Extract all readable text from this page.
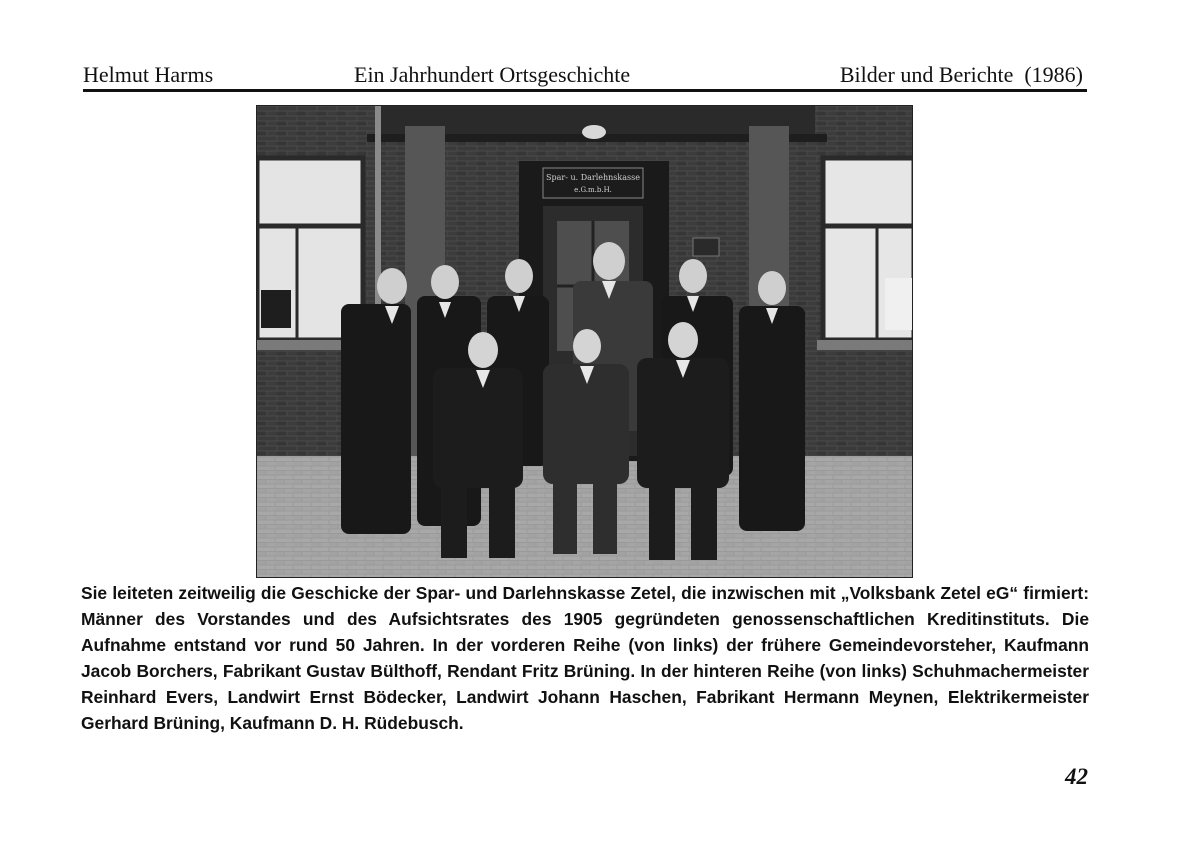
Helmut Harms	Ein Jahrhundert Ortsgeschichte	Bilder und Berichte (1986)
Spar- u. Darlehnskasse
e.G.m.b.H.
Sie leiteten zeitweilig die Geschicke der Spar- und Darlehnskasse Zetel, die inzwischen mit „Volksbank Zetel eG“ firmiert: Männer des Vorstandes und des Aufsichtsrates des 1905 gegründeten genossenschaftlichen Kreditinstituts. Die Aufnahme entstand vor rund 50 Jahren. In der vorderen Reihe (von links) der frühere Gemeindevorsteher, Kaufmann Jacob Borchers, Fabrikant Gustav Bülthoff, Rendant Fritz Brüning. In der hinteren Reihe (von links) Schuhmachermeister Reinhard Evers, Landwirt Ernst Bödecker, Landwirt Johann Haschen, Fabrikant Hermann Meynen, Elektrikermeister Gerhard Brüning, Kaufmann D. H. Rüdebusch.
42
